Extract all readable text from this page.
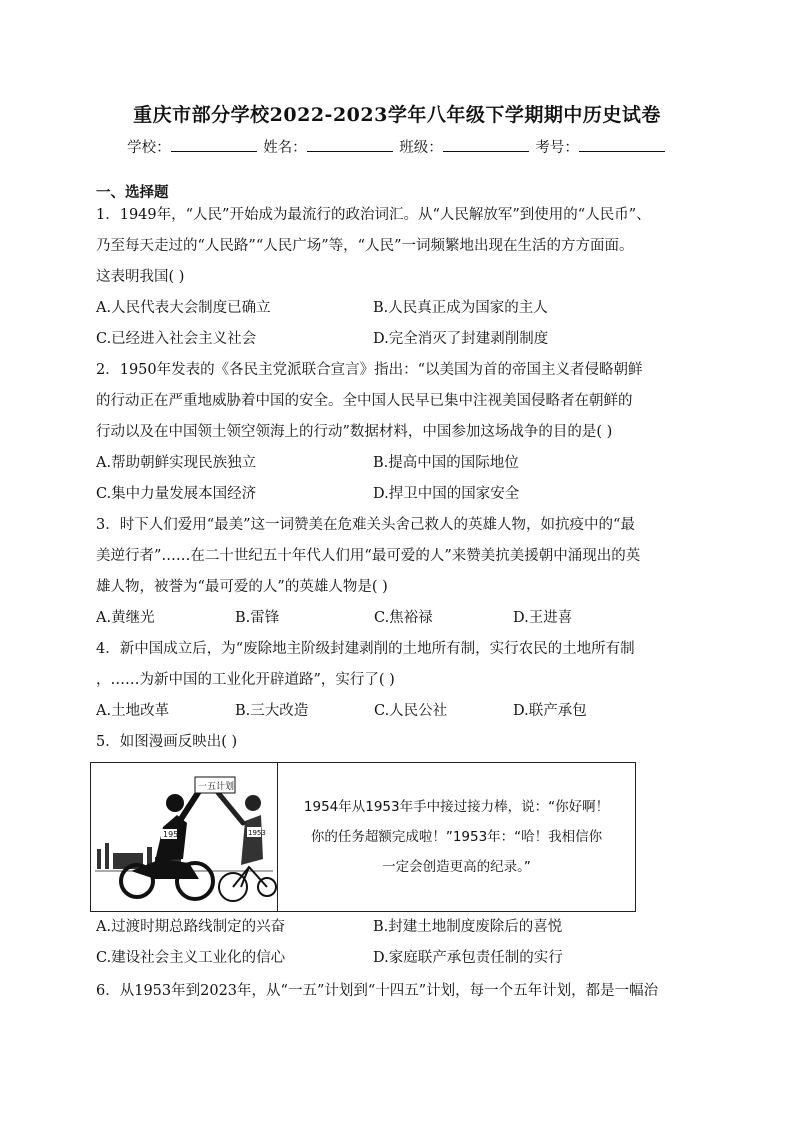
重庆市部分学校2022-2023学年八年级下学期期中历史试卷
学校：	姓名：	班级：	考号：
一、选择题

1．1949年，“人民”开始成为最流行的政治词汇。从“人民解放军”到使用的“人民币”、

乃至每天走过的“人民路”“人民广场”等，“人民”一词频繁地出现在生活的方方面面。

这表明我国( )

A.人民代表大会制度已确立	B.人民真正成为国家的主人
C.已经进入社会主义社会	D.完全消灭了封建剥削制度

2．1950年发表的《各民主党派联合宣言》指出：“以美国为首的帝国主义者侵略朝鲜

的行动正在严重地威胁着中国的安全。全中国人民早已集中注视美国侵略者在朝鲜的

行动以及在中国领土领空领海上的行动”数据材料，中国参加这场战争的目的是( )

A.帮助朝鲜实现民族独立	B.提高中国的国际地位
C.集中力量发展本国经济	D.捍卫中国的国家安全

3．时下人们爱用“最美”这一词赞美在危难关头舍己救人的英雄人物，如抗疫中的“最

美逆行者”……在二十世纪五十年代人们用“最可爱的人”来赞美抗美援朝中涌现出的英

雄人物，被誉为“最可爱的人”的英雄人物是( )

A.黄继光	B.雷锋	C.焦裕禄	D.王进喜

4．新中国成立后，为“废除地主阶级封建剥削的土地所有制，实行农民的土地所有制

，……为新中国的工业化开辟道路”，实行了( )

A.土地改革	B.三大改造	C.人民公社	D.联产承包

5．如图漫画反映出( )

1954	1953
一五计划
1954年从1953年手中接过接力棒，说：“你好啊！
你的任务超额完成啦！”1953年：“哈！我相信你
一定会创造更高的纪录。”
A.过渡时期总路线制定的兴奋	B.封建土地制度废除后的喜悦
C.建设社会主义工业化的信心	D.家庭联产承包责任制的实行

6．从1953年到2023年，从“一五”计划到“十四五”计划，每一个五年计划，都是一幅治
